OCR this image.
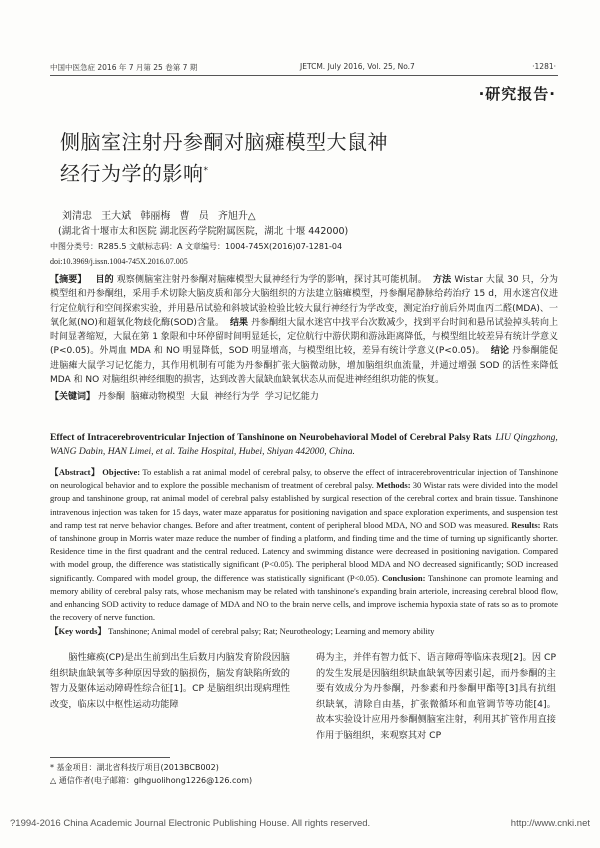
中国中医急症 2016 年 7 月第 25 卷第 7 期	JETCM. July 2016, Vol. 25, No.7	·1281·
·研究报告·
侧脑室注射丹参酮对脑瘫模型大鼠神经行为学的影响*
刘清忠 王大斌 韩丽梅 曹 员 齐旭升△
(湖北省十堰市太和医院 湖北医药学院附属医院，湖北 十堰 442000)
中图分类号：R285.5 文献标志码：A 文章编号：1004-745X(2016)07-1281-04
doi:10.3969/j.issn.1004-745X.2016.07.005

【摘要】 目的 观察侧脑室注射丹参酮对脑瘫模型大鼠神经行为学的影响，探讨其可能机制。 方法 Wistar 大鼠 30 只，分为模型组和丹参酮组，采用手术切除大脑皮质和部分大脑组织的方法建立脑瘫模型，丹参酮尾静脉给药治疗 15 d，用水迷宫仪进行定位航行和空间探索实验，并用悬吊试验和斜坡试验检验比较大鼠行神经行为学改变，测定治疗前后外周血丙二醛(MDA)、一氧化氮(NO)和超氧化物歧化酶(SOD)含量。 结果 丹参酮组大鼠水迷宫中找平台次数减少，找到平台时间和悬吊试验掉头转向上时间显著缩短，大鼠在第 1 象限和中环停留时间明显延长，定位航行中游伏期和游泳距离降低，与模型组比较差异有统计学意义(P<0.05)。外周血 MDA 和 NO 明显降低，SOD 明显增高，与模型组比较，差异有统计学意义(P<0.05)。 结论 丹参酮能促进脑瘫大鼠学习记忆能力，其作用机制有可能为丹参酮扩张大脑微动脉，增加脑组织血流量，并通过增强 SOD 的活性来降低 MDA 和 NO 对脑组织神经细胞的损害，达到改善大鼠缺血缺氧状态从而促进神经组织功能的恢复。

【关键词】 丹参酮  脑瘫动物模型  大鼠  神经行为学  学习记忆能力

Effect of Intracerebroventricular Injection of Tanshinone on Neurobehavioral Model of Cerebral Palsy Rats LIU Qingzhong, WANG Dabin, HAN Limei, et al. Taihe Hospital, Hubei, Shiyan 442000, China.

【Abstract】 Objective: To establish a rat animal model of cerebral palsy, to observe the effect of intracerebroventricular injection of Tanshinone on neurological behavior and to explore the possible mechanism of treatment of cerebral palsy. Methods: 30 Wistar rats were divided into the model group and tanshinone group, rat animal model of cerebral palsy established by surgical resection of the cerebral cortex and brain tissue. Tanshinone intravenous injection was taken for 15 days, water maze apparatus for positioning navigation and space exploration experiments, and suspension test and ramp test rat nerve behavior changes. Before and after treatment, content of peripheral blood MDA, NO and SOD was measured. Results: Rats of tanshinone group in Morris water maze reduce the number of finding a platform, and finding time and the time of turning up significantly shorter. Residence time in the first quadrant and the central reduced. Latency and swimming distance were decreased in positioning navigation. Compared with model group, the difference was statistically significant (P<0.05). The peripheral blood MDA and NO decreased significantly; SOD increased significantly. Compared with model group, the difference was statistically significant (P<0.05). Conclusion: Tanshinone can promote learning and memory ability of cerebral palsy rats, whose mechanism may be related with tanshinone's expanding brain arteriole, increasing cerebral blood flow, and enhancing SOD activity to reduce damage of MDA and NO to the brain nerve cells, and improve ischemia hypoxia state of rats so as to promote the recovery of nerve function.

【Key words】 Tanshinone; Animal model of cerebral palsy; Rat; Neurotheology; Learning and memory ability

脑性瘫痪(CP)是出生前到出生后数月内脑发育阶段因脑组织缺血缺氧等多种原因导致的脑损伤，脑发育缺陷所致的智力及躯体运动障碍性综合征[1]。CP 是脑组织出现病理性改变，临床以中枢性运动功能障
碍为主，并伴有智力低下、语言障碍等临床表现[2]。因 CP 的发生发展是因脑组织缺血缺氧等因素引起，而丹参酮的主要有效成分为丹参酮，丹参素和丹参酮甲酯等[3]具有抗组织缺氧，清除自由基，扩张微循环和血管调节等功能[4]。故本实验设计应用丹参酮侧脑室注射，利用其扩管作用直接作用于脑组织，来观察其对 CP

* 基金项目：湖北省科技厅项目(2013BCB002)

△ 通信作者(电子邮箱：glhguolihong1226@126.com)

?1994-2016 China Academic Journal Electronic Publishing House. All rights reserved.	http://www.cnki.net
